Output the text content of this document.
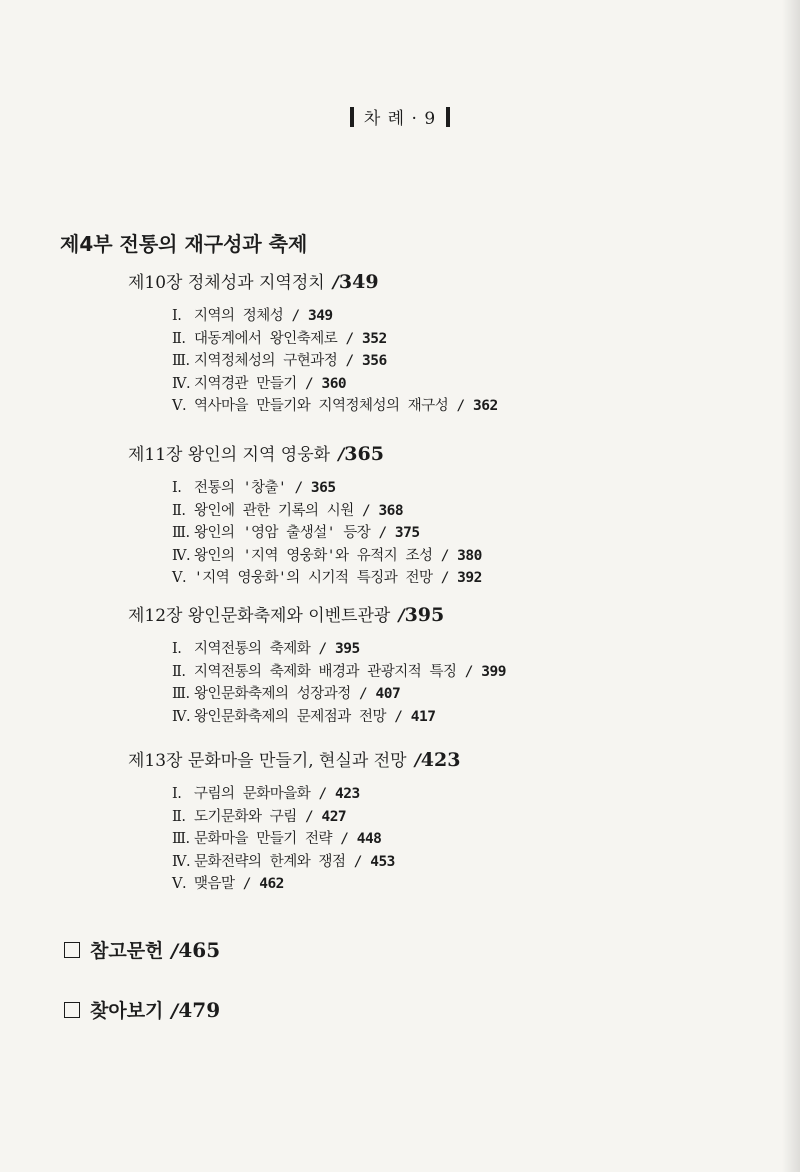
차 례 · 9
제4부 전통의 재구성과 축제
제10장 정체성과 지역정치 /349
Ⅰ. 지역의 정체성 / 349
Ⅱ. 대동계에서 왕인축제로 / 352
Ⅲ. 지역정체성의 구현과정 / 356
Ⅳ. 지역경관 만들기 / 360
Ⅴ. 역사마을 만들기와 지역정체성의 재구성 / 362
제11장 왕인의 지역 영웅화 /365
Ⅰ. 전통의 '창출' / 365
Ⅱ. 왕인에 관한 기록의 시원 / 368
Ⅲ. 왕인의 '영암 출생설' 등장 / 375
Ⅳ. 왕인의 '지역 영웅화'와 유적지 조성 / 380
Ⅴ. '지역 영웅화'의 시기적 특징과 전망 / 392
제12장 왕인문화축제와 이벤트관광 /395
Ⅰ. 지역전통의 축제화 / 395
Ⅱ. 지역전통의 축제화 배경과 관광지적 특징 / 399
Ⅲ. 왕인문화축제의 성장과정 / 407
Ⅳ. 왕인문화축제의 문제점과 전망 / 417
제13장 문화마을 만들기, 현실과 전망 /423
Ⅰ. 구림의 문화마을화 / 423
Ⅱ. 도기문화와 구림 / 427
Ⅲ. 문화마을 만들기 전략 / 448
Ⅳ. 문화전략의 한계와 쟁점 / 453
Ⅴ. 맺음말 / 462
참고문헌 /465
찾아보기 /479
